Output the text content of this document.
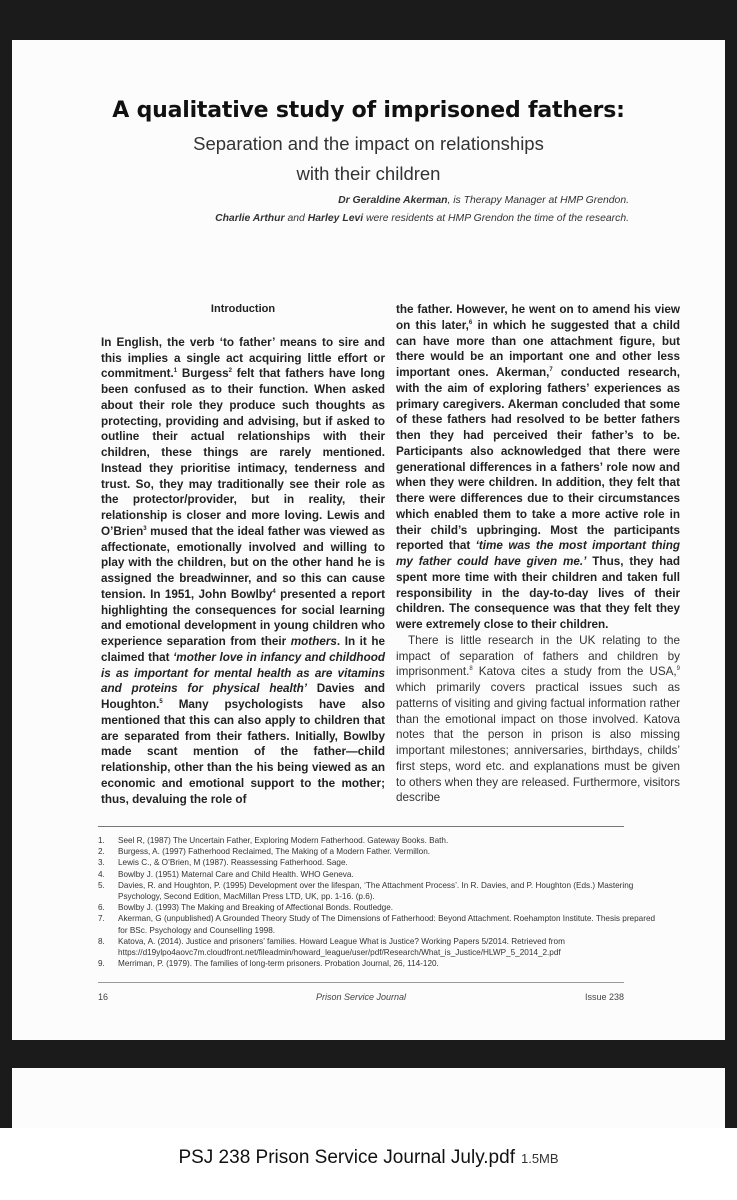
A qualitative study of imprisoned fathers:
Separation and the impact on relationships
with their children
Dr Geraldine Akerman, is Therapy Manager at HMP Grendon.
Charlie Arthur and Harley Levi were residents at HMP Grendon the time of the research.
Introduction

In English, the verb ‘to father’ means to sire and this implies a single act acquiring little effort or commitment.$^1$ Burgess$^2$ felt that fathers have long been confused as to their function. When asked about their role they produce such thoughts as protecting, providing and advising, but if asked to outline their actual relationships with their children, these things are rarely mentioned. Instead they prioritise intimacy, tenderness and trust. So, they may traditionally see their role as the protector/provider, but in reality, their relationship is closer and more loving. Lewis and O’Brien$^3$ mused that the ideal father was viewed as affectionate, emotionally involved and willing to play with the children, but on the other hand he is assigned the breadwinner, and so this can cause tension. In 1951, John Bowlby$^4$ presented a report highlighting the consequences for social learning and emotional development in young children who experience separation from their mothers. In it he claimed that ‘mother love in infancy and childhood is as important for mental health as are vitamins and proteins for physical health’ Davies and Houghton.$^5$ Many psychologists have also mentioned that this can also apply to children that are separated from their fathers. Initially, Bowlby made scant mention of the father—child relationship, other than the his being viewed as an economic and emotional support to the mother; thus, devaluing the role of

the father. However, he went on to amend his view on this later,$^6$ in which he suggested that a child can have more than one attachment figure, but there would be an important one and other less important ones. Akerman,$^7$ conducted research, with the aim of exploring fathers’ experiences as primary caregivers. Akerman concluded that some of these fathers had resolved to be better fathers then they had perceived their father’s to be. Participants also acknowledged that there were generational differences in a fathers’ role now and when they were children. In addition, they felt that there were differences due to their circumstances which enabled them to take a more active role in their child’s upbringing. Most the participants reported that ‘time was the most important thing my father could have given me.’ Thus, they had spent more time with their children and taken full responsibility in the day-to-day lives of their children. The consequence was that they felt they were extremely close to their children.

There is little research in the UK relating to the impact of separation of fathers and children by imprisonment.$^8$ Katova cites a study from the USA,$^9$ which primarily covers practical issues such as patterns of visiting and giving factual information rather than the emotional impact on those involved. Katova notes that the person in prison is also missing important milestones; anniversaries, birthdays, childs’ first steps, word etc. and explanations must be given to others when they are released. Furthermore, visitors describe

1.	Seel R, (1987) The Uncertain Father, Exploring Modern Fatherhood. Gateway Books. Bath.
2.	Burgess, A. (1997) Fatherhood Reclaimed, The Making of a Modern Father. Vermillon.
3.	Lewis C., & O’Brien, M (1987). Reassessing Fatherhood. Sage.
4.	Bowlby J. (1951) Maternal Care and Child Health. WHO Geneva.
5.	Davies, R. and Houghton, P. (1995) Development over the lifespan, ‘The Attachment Process’. In R. Davies, and P. Houghton (Eds.) Mastering Psychology, Second Edition, MacMillan Press LTD, UK, pp. 1-16. (p.6).
6.	Bowlby J. (1993) The Making and Breaking of Affectional Bonds. Routledge.
7.	Akerman, G (unpublished) A Grounded Theory Study of The Dimensions of Fatherhood: Beyond Attachment. Roehampton Institute. Thesis prepared for BSc. Psychology and Counselling 1998.
8.	Katova, A. (2014). Justice and prisoners’ families. Howard League What is Justice? Working Papers 5/2014. Retrieved from https://d19ylpo4aovc7m.cloudfront.net/fileadmin/howard_league/user/pdf/Research/What_is_Justice/HLWP_5_2014_2.pdf
9.	Merriman, P. (1979). The families of long-term prisoners. Probation Journal, 26, 114-120.
16	Prison Service Journal	Issue 238
PSJ 238 Prison Service Journal July.pdf 1.5MB
